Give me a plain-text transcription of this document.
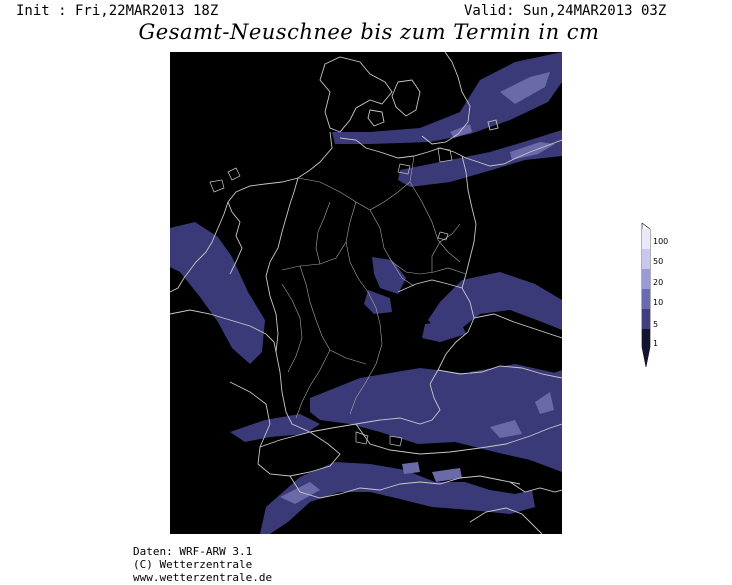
Init : Fri,22MAR2013 18Z	Valid: Sun,24MAR2013 03Z
Gesamt-Neuschnee bis zum Termin in cm
100
50
20
10
5
1
Daten: WRF-ARW 3.1
(C) Wetterzentrale
www.wetterzentrale.de
